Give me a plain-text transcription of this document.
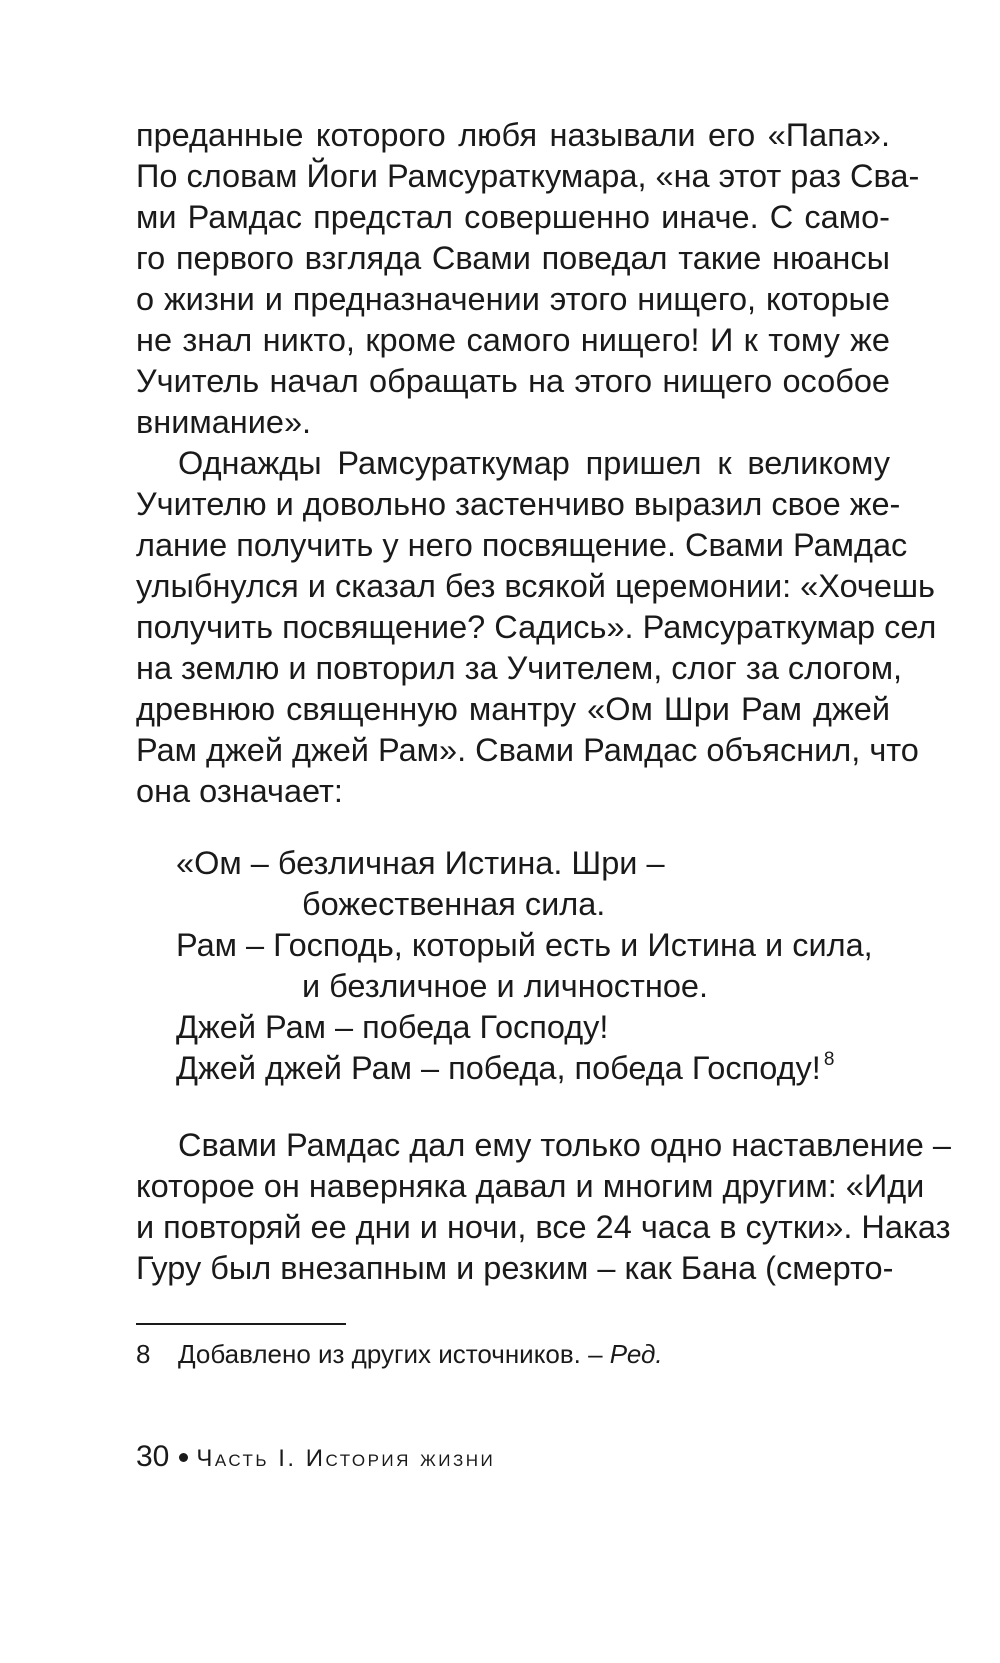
преданные которого любя называли его «Папа».
По словам Йоги Рамсураткумара, «на этот раз Сва-
ми Рамдас предстал совершенно иначе. С само-
го первого взгляда Свами поведал такие нюансы
о жизни и предназначении этого нищего, которые
не знал никто, кроме самого нищего! И к тому же
Учитель начал обращать на этого нищего особое
внимание».
Однажды Рамсураткумар пришел к великому
Учителю и довольно застенчиво выразил свое же-
лание получить у него посвящение. Свами Рамдас
улыбнулся и сказал без всякой церемонии: «Хочешь
получить посвящение? Садись». Рамсураткумар сел
на землю и повторил за Учителем, слог за слогом,
древнюю священную мантру «Ом Шри Рам джей
Рам джей джей Рам». Свами Рамдас объяснил, что
она означает:
«Ом – безличная Истина. Шри –
божественная сила.
Рам – Господь, который есть и Истина и сила,
и безличное и личностное.
Джей Рам – победа Господу!
Джей джей Рам – победа, победа Господу! $^8$
Свами Рамдас дал ему только одно наставление –
которое он наверняка давал и многим другим: «Иди
и повторяй ее дни и ночи, все 24 часа в сутки». Наказ
Гуру был внезапным и резким – как Бана (смерто-
8 Добавлено из других источников. – Ред.
30 Часть I. История жизни
